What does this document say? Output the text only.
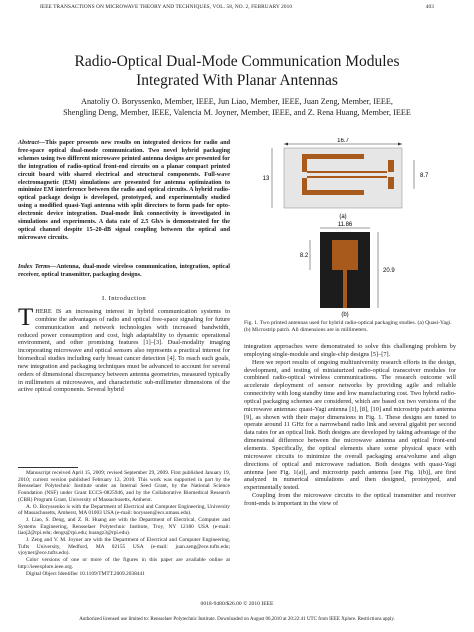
IEEE TRANSACTIONS ON MICROWAVE THEORY AND TECHNIQUES, VOL. 58, NO. 2, FEBRUARY 2010	403
Radio-Optical Dual-Mode Communication Modules
Integrated With Planar Antennas
Anatoliy O. Boryssenko, Member, IEEE, Jun Liao, Member, IEEE, Juan Zeng, Member, IEEE,
Shengling Deng, Member, IEEE, Valencia M. Joyner, Member, IEEE, and Z. Rena Huang, Member, IEEE
Abstract—This paper presents new results on integrated devices for radio and free-space optical dual-mode communication. Two novel hybrid packaging schemes using two different microwave printed antenna designs are presented for the integration of radio-optical front-end circuits on a planar compact printed circuit board with shared electrical and structural components. Full-wave electromagnetic (EM) simulations are presented for antenna optimization to minimize EM interference between the radio and optical circuits. A hybrid radio-optical package design is developed, prototyped, and experimentally studied using a modified quasi-Yagi antenna with split directors to form pads for opto-electronic device integration. Dual-mode link connectivity is investigated in simulations and experiments. A data rate of 2.5 Gb/s is demonstrated for the optical channel despite 15–20-dB signal coupling between the optical and microwave circuits.
Index Terms—Antenna, dual-mode wireless communication, integration, optical receiver, optical transmitter, packaging designs.
I. Introduction
THERE IS an increasing interest in hybrid communication systems to combine the advantages of radio and optical free-space signaling for future communication and network technologies with increased bandwidth, reduced power consumption and cost, high adaptability to dynamic operational environment, and other promising features [1]–[3]. Dual-modality imaging incorporating microwave and optical sensors also represents a practical interest for biomedical studies including early breast cancer detection [4]. To reach such goals, new integration and packaging techniques must be advanced to account for several orders of dimensional discrepancy between antenna geometries, measured typically in millimeters at microwaves, and characteristic sub-millimeter dimensions of the active optical components. Several hybrid

Manuscript received April 15, 2009; revised September 29, 2009. First published January 19, 2010; current version published February 12, 2010. This work was supported in part by the Rensselaer Polytechnic Institute under an Internal Seed Grant, by the National Science Foundation (NSF) under Grant ECCS-0825946, and by the Collaborative Biomedical Research (CBR) Program Grant, University of Massachusetts, Amherst.

A. O. Boryssenko is with the Department of Electrical and Computer Engineering, University of Massachusetts, Amherst, MA 01003 USA (e-mail: boryssen@ecs.umass.edu).

J. Liao, S. Deng, and Z. R. Huang are with the Department of Electrical, Computer and Systems Engineering, Rensselaer Polytechnic Institute, Troy, NY 12180 USA (e-mail: liaoj2@rpi.edu; dengs@rpi.edu; huangz3@rpi.edu).

J. Zeng and V. M. Joyner are with the Department of Electrical and Computer Engineering, Tufts University, Medford, MA 02155 USA (e-mail: juan.zeng@ece.tufts.edu; vjoyner@ece.tufts.edu).

Color versions of one or more of the figures in this paper are available online at http://ieeexplore.ieee.org.

Digital Object Identifier 10.1109/TMTT.2009.2038441

16.7
13	8.7
(a)
11.86
8.2
20.9
(b)
Fig. 1. Two printed antennas used for hybrid radio-optical packaging studies. (a) Quasi-Yagi. (b) Microstrip patch. All dimensions are in millimeters.

integration approaches were demonstrated to solve this challenging problem by employing single-module and single-chip designs [5]–[7].

Here we report results of ongoing multiuniversity research efforts in the design, development, and testing of miniaturized radio-optical transceiver modules for combined radio-optical wireless communications. The research outcome will accelerate deployment of sensor networks by providing agile and reliable connectivity with long standby time and low manufacturing cost. Two hybrid radio-optical packaging schemes are considered, which are based on two versions of the microwave antennas: quasi-Yagi antenna [1], [8], [10] and microstrip patch antenna [9], as shown with their major dimensions in Fig. 1. These designs are tuned to operate around 11 GHz for a narrowband radio link and several gigabit per second data rates for an optical link. Both designs are developed by taking advantage of the dimensional difference between the microwave antenna and optical front-end elements. Specifically, the optical elements share some physical space with microwave circuits to minimize the overall packaging area/volume and align directions of optical and microwave radiation. Both designs with quasi-Yagi antenna [see Fig. 1(a)], and microstrip patch antenna [see Fig. 1(b)], are first analyzed in numerical simulations and then designed, prototyped, and experimentally tested.

Coupling from the microwave circuits to the optical transmitter and receiver front-ends is important in the view of

0018-9480/$26.00 © 2010 IEEE
Authorized licensed use limited to: Rensselaer Polytechnic Institute. Downloaded on August 06,2010 at 20:22:41 UTC from IEEE Xplore. Restrictions apply.
